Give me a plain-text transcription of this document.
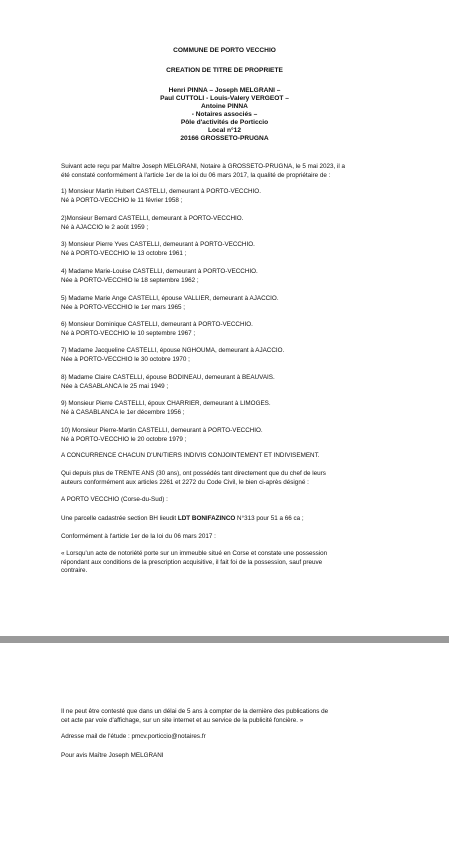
COMMUNE DE PORTO VECCHIO
CREATION DE TITRE DE PROPRIETE
Henri PINNA – Joseph MELGRANI –
Paul CUTTOLI - Louis-Valery VERGEOT –
Antoine PINNA
- Notaires associés –
Pôle d'activités de Porticcio
Local n°12
20166 GROSSETO-PRUGNA
Suivant acte reçu par Maître Joseph MELGRANI, Notaire à GROSSETO-PRUGNA, le 5 mai 2023, il a
été constaté conformément à l'article 1er de la loi du 06 mars 2017, la qualité de propriétaire de :
1) Monsieur Martin Hubert CASTELLI, demeurant à PORTO-VECCHIO.
Né à PORTO-VECCHIO le 11 février 1958 ;
2)Monsieur Bernard CASTELLI, demeurant à PORTO-VECCHIO.
Né à AJACCIO le 2 août 1959 ;
3) Monsieur Pierre Yves CASTELLI, demeurant à PORTO-VECCHIO.
Né à PORTO-VECCHIO le 13 octobre 1961 ;
4) Madame Marie-Louise CASTELLI, demeurant à PORTO-VECCHIO.
Née à PORTO-VECCHIO le 18 septembre 1962 ;
5) Madame Marie Ange CASTELLI, épouse VALLIER, demeurant à AJACCIO.
Née à PORTO-VECCHIO le 1er mars 1965 ;
6) Monsieur Dominique CASTELLI, demeurant à PORTO-VECCHIO.
Né à PORTO-VECCHIO le 10 septembre 1967 ;
7) Madame Jacqueline CASTELLI, épouse NGHOUMA, demeurant à AJACCIO.
Née à PORTO-VECCHIO le 30 octobre 1970 ;
8) Madame Claire CASTELLI, épouse BODINEAU, demeurant à BEAUVAIS.
Née à CASABLANCA le 25 mai 1949 ;
9) Monsieur Pierre CASTELLI, époux CHARRIER, demeurant à LIMOGES.
Né à CASABLANCA le 1er décembre 1956 ;
10) Monsieur Pierre-Martin CASTELLI, demeurant à PORTO-VECCHIO.
Né à PORTO-VECCHIO le 20 octobre 1979 ;
A CONCURRENCE CHACUN D'UN/TIERS INDIVIS CONJOINTEMENT ET INDIVISEMENT.
Qui depuis plus de TRENTE ANS (30 ans), ont possédés tant directement que du chef de leurs
auteurs conformément aux articles 2261 et 2272 du Code Civil, le bien ci-après désigné :
A PORTO VECCHIO (Corse-du-Sud) :
Une parcelle cadastrée section BH lieudit LDT BONIFAZINCO N°313 pour 51 a 66 ca ;
Conformément à l'article 1er de la loi du 06 mars 2017 :
« Lorsqu'un acte de notoriété porte sur un immeuble situé en Corse et constate une possession
répondant aux conditions de la prescription acquisitive, il fait foi de la possession, sauf preuve
contraire.
Il ne peut être contesté que dans un délai de 5 ans à compter de la dernière des publications de
cet acte par voie d'affichage, sur un site internet et au service de la publicité foncière. »
Adresse mail de l'étude : pmcv.porticcio@notaires.fr
Pour avis Maître Joseph MELGRANI
